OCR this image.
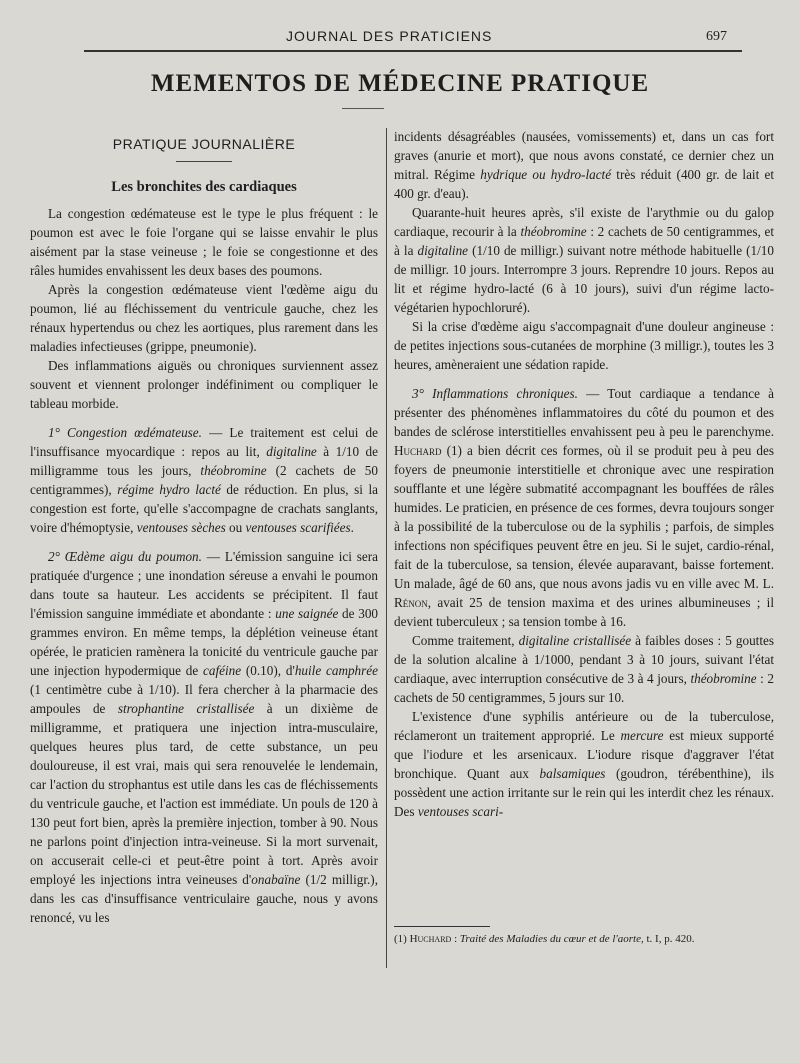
JOURNAL DES PRATICIENS	697
MEMENTOS DE MÉDECINE PRATIQUE
PRATIQUE JOURNALIÈRE
Les bronchites des cardiaques

La congestion œdémateuse est le type le plus fréquent : le poumon est avec le foie l'organe qui se laisse envahir le plus aisément par la stase veineuse ; le foie se congestionne et des râles humides envahissent les deux bases des poumons.

Après la congestion œdémateuse vient l'œdème aigu du poumon, lié au fléchissement du ventricule gauche, chez les rénaux hypertendus ou chez les aortiques, plus rarement dans les maladies infectieuses (grippe, pneumonie).

Des inflammations aiguës ou chroniques surviennent assez souvent et viennent prolonger indéfiniment ou compliquer le tableau morbide.

1° Congestion œdémateuse. — Le traitement est celui de l'insuffisance myocardique : repos au lit, digitaline à 1/10 de milligramme tous les jours, théobromine (2 cachets de 50 centigrammes), régime hydro lacté de réduction. En plus, si la congestion est forte, qu'elle s'accompagne de crachats sanglants, voire d'hémoptysie, ventouses sèches ou ventouses scarifiées.

2° Œdème aigu du poumon. — L'émission sanguine ici sera pratiquée d'urgence ; une inondation séreuse a envahi le poumon dans toute sa hauteur. Les accidents se précipitent. Il faut l'émission sanguine immédiate et abondante : une saignée de 300 grammes environ. En même temps, la déplétion veineuse étant opérée, le praticien ramènera la tonicité du ventricule gauche par une injection hypodermique de caféine (0.10), d'huile camphrée (1 centimètre cube à 1/10). Il fera chercher à la pharmacie des ampoules de strophantine cristallisée à un dixième de milligramme, et pratiquera une injection intra-musculaire, quelques heures plus tard, de cette substance, un peu douloureuse, il est vrai, mais qui sera renouvelée le lendemain, car l'action du strophantus est utile dans les cas de fléchissements du ventricule gauche, et l'action est immédiate. Un pouls de 120 à 130 peut fort bien, après la première injection, tomber à 90. Nous ne parlons point d'injection intra-veineuse. Si la mort survenait, on accuserait celle-ci et peut-être point à tort. Après avoir employé les injections intra veineuses d'onabaïne (1/2 milligr.), dans les cas d'insuffisance ventriculaire gauche, nous y avons renoncé, vu les

incidents désagréables (nausées, vomissements) et, dans un cas fort graves (anurie et mort), que nous avons constaté, ce dernier chez un mitral. Régime hydrique ou hydro-lacté très réduit (400 gr. de lait et 400 gr. d'eau).

Quarante-huit heures après, s'il existe de l'arythmie ou du galop cardiaque, recourir à la théobromine : 2 cachets de 50 centigrammes, et à la digitaline (1/10 de milligr.) suivant notre méthode habituelle (1/10 de milligr. 10 jours. Interrompre 3 jours. Reprendre 10 jours. Repos au lit et régime hydro-lacté (6 à 10 jours), suivi d'un régime lacto-végétarien hypochloruré).

Si la crise d'œdème aigu s'accompagnait d'une douleur angineuse : de petites injections sous-cutanées de morphine (3 milligr.), toutes les 3 heures, amèneraient une sédation rapide.

3° Inflammations chroniques. — Tout cardiaque a tendance à présenter des phénomènes inflammatoires du côté du poumon et des bandes de sclérose interstitielles envahissent peu à peu le parenchyme. Huchard (1) a bien décrit ces formes, où il se produit peu à peu des foyers de pneumonie interstitielle et chronique avec une respiration soufflante et une légère submatité accompagnant les bouffées de râles humides. Le praticien, en présence de ces formes, devra toujours songer à la possibilité de la tuberculose ou de la syphilis ; parfois, de simples infections non spécifiques peuvent être en jeu. Si le sujet, cardio-rénal, fait de la tuberculose, sa tension, élevée auparavant, baisse fortement. Un malade, âgé de 60 ans, que nous avons jadis vu en ville avec M. L. Rénon, avait 25 de tension maxima et des urines albumineuses ; il devient tuberculeux ; sa tension tombe à 16.

Comme traitement, digitaline cristallisée à faibles doses : 5 gouttes de la solution alcaline à 1/1000, pendant 3 à 10 jours, suivant l'état cardiaque, avec interruption consécutive de 3 à 4 jours, théobromine : 2 cachets de 50 centigrammes, 5 jours sur 10.

L'existence d'une syphilis antérieure ou de la tuberculose, réclameront un traitement approprié. Le mercure est mieux supporté que l'iodure et les arsenicaux. L'iodure risque d'aggraver l'état bronchique. Quant aux balsamiques (goudron, térébenthine), ils possèdent une action irritante sur le rein qui les interdit chez les rénaux. Des ventouses scari-

(1) Huchard : Traité des Maladies du cœur et de l'aorte, t. I, p. 420.
